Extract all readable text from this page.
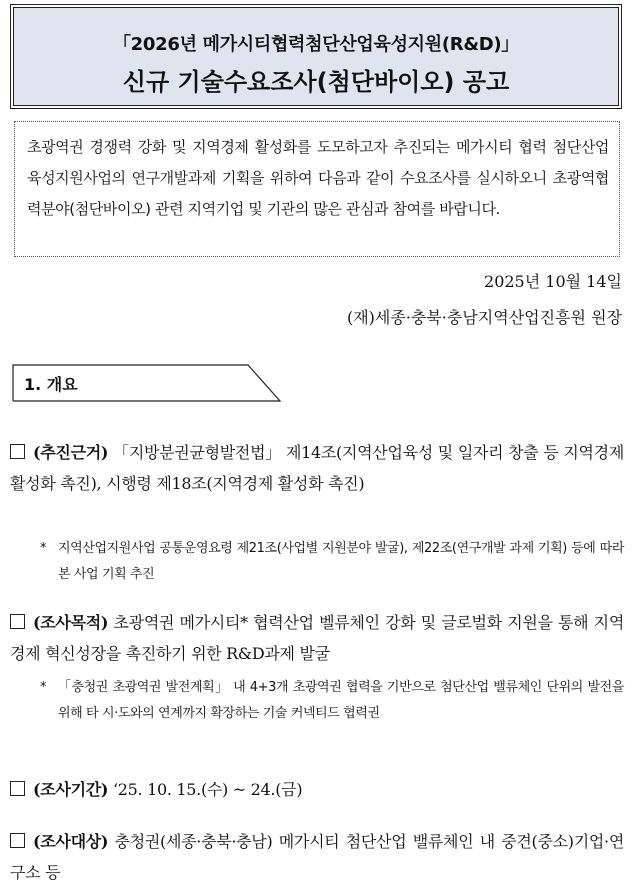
「2026년 메가시티협력첨단산업육성지원(R&D)」
신규 기술수요조사(첨단바이오) 공고
초광역권 경쟁력 강화 및 지역경제 활성화를 도모하고자 추진되는 메가시티 협력 첨단산업 육성지원사업의 연구개발과제 기획을 위하여 다음과 같이 수요조사를 실시하오니 초광역협력분야(첨단바이오) 관련 지역기업 및 기관의 많은 관심과 참여를 바랍니다.
2025년 10월 14일
(재)세종·충북·충남지역산업진흥원 원장
1. 개요
(추진근거) 「지방분권균형발전법」 제14조(지역산업육성 및 일자리 창출 등 지역경제 활성화 촉진), 시행령 제18조(지역경제 활성화 촉진)
* 지역산업지원사업 공통운영요령 제21조(사업별 지원분야 발굴), 제22조(연구개발 과제 기획) 등에 따라 본 사업 기획 추진
(조사목적) 초광역권 메가시티* 협력산업 벨류체인 강화 및 글로벌화 지원을 통해 지역경제 혁신성장을 촉진하기 위한 R&D과제 발굴
* 「충청권 초광역권 발전계획」 내 4+3개 초광역권 협력을 기반으로 첨단산업 밸류체인 단위의 발전을 위해 타 시·도와의 연계까지 확장하는 기술 커넥티드 협력권
(조사기간) ‘25. 10. 15.(수) ~ 24.(금)
(조사대상) 충청권(세종·충북·충남) 메가시티 첨단산업 밸류체인 내 중견(중소)기업·연구소 등
